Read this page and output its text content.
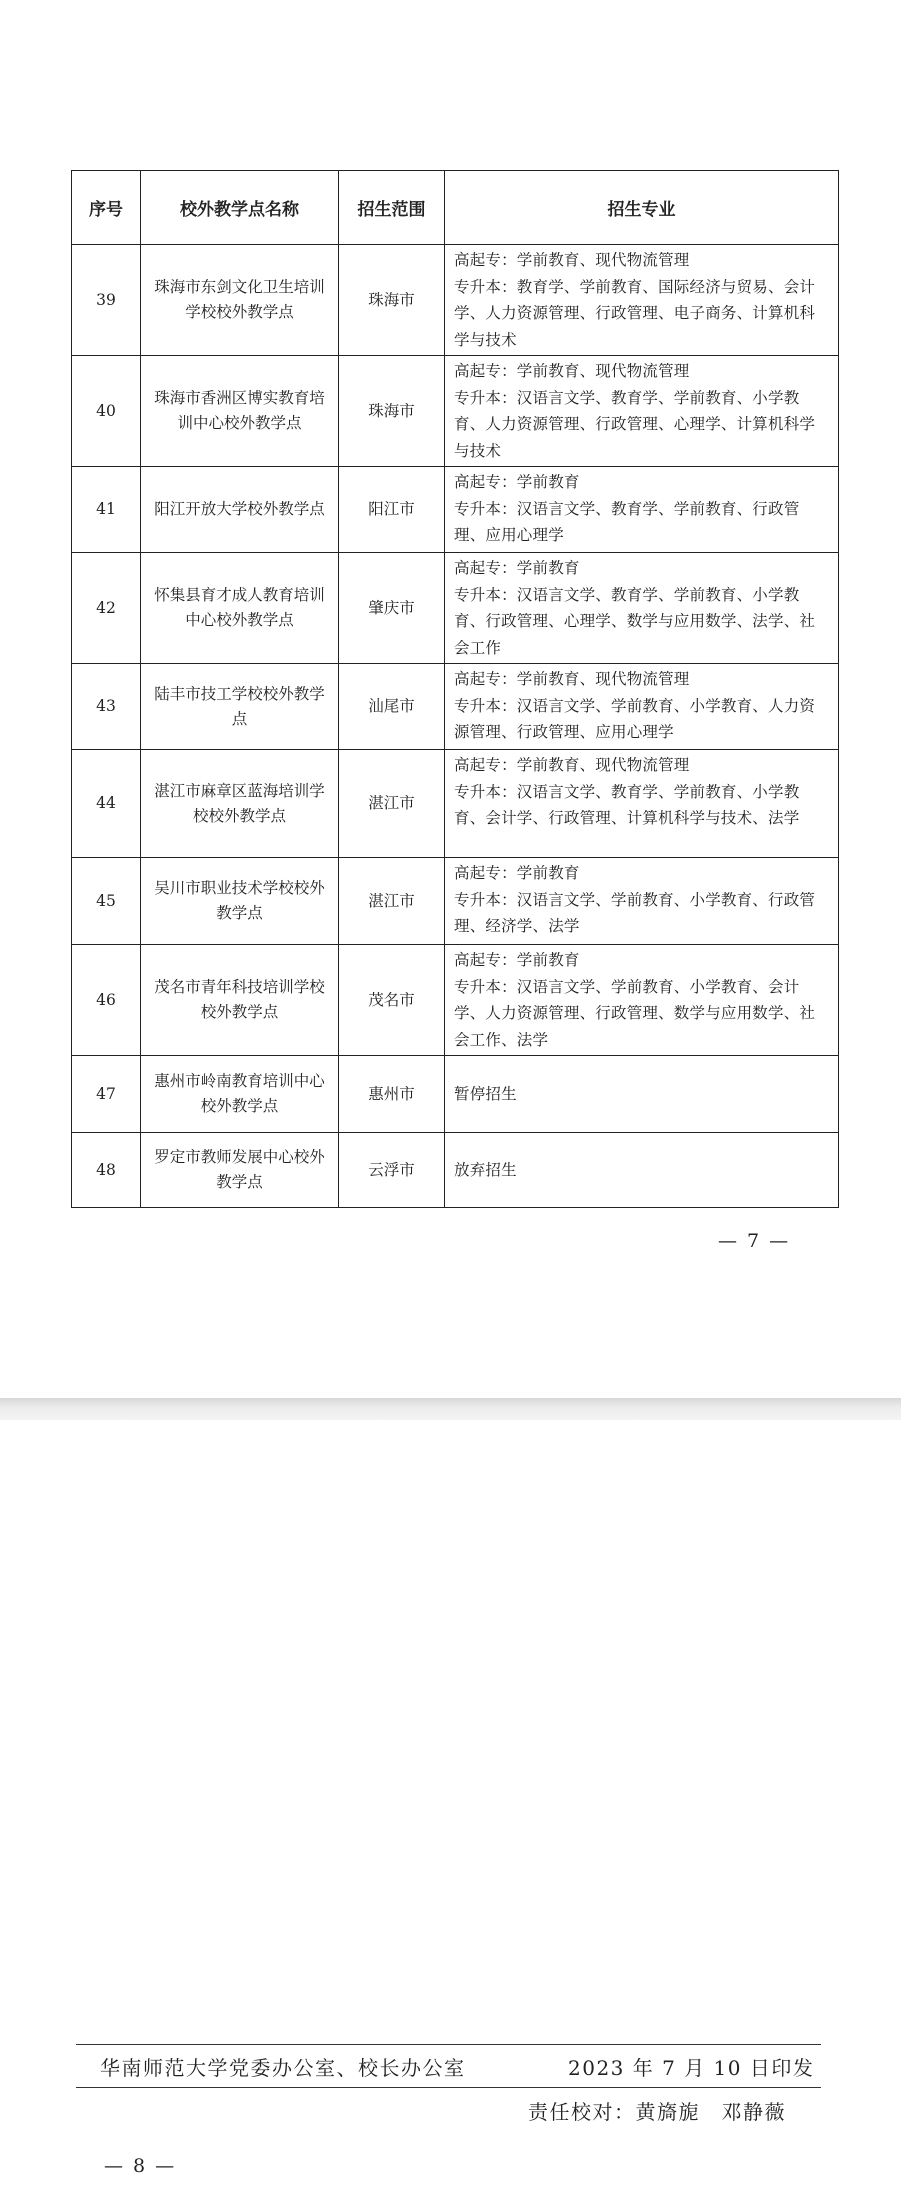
序号	校外教学点名称	招生范围	招生专业
39	珠海市东剑文化卫生培训学校校外教学点	珠海市	高起专：学前教育、现代物流管理
专升本：教育学、学前教育、国际经济与贸易、会计学、人力资源管理、行政管理、电子商务、计算机科学与技术

40	珠海市香洲区博实教育培训中心校外教学点	珠海市	高起专：学前教育、现代物流管理
专升本：汉语言文学、教育学、学前教育、小学教育、人力资源管理、行政管理、心理学、计算机科学与技术

41	阳江开放大学校外教学点	阳江市	高起专：学前教育
专升本：汉语言文学、教育学、学前教育、行政管理、应用心理学

42	怀集县育才成人教育培训中心校外教学点	肇庆市	高起专：学前教育
专升本：汉语言文学、教育学、学前教育、小学教育、行政管理、心理学、数学与应用数学、法学、社会工作

43	陆丰市技工学校校外教学点	汕尾市	高起专：学前教育、现代物流管理
专升本：汉语言文学、学前教育、小学教育、人力资源管理、行政管理、应用心理学

44	湛江市麻章区蓝海培训学校校外教学点	湛江市	高起专：学前教育、现代物流管理
专升本：汉语言文学、教育学、学前教育、小学教育、会计学、行政管理、计算机科学与技术、法学

45	吴川市职业技术学校校外教学点	湛江市	高起专：学前教育
专升本：汉语言文学、学前教育、小学教育、行政管理、经济学、法学

46	茂名市青年科技培训学校校外教学点	茂名市	高起专：学前教育
专升本：汉语言文学、学前教育、小学教育、会计学、人力资源管理、行政管理、数学与应用数学、社会工作、法学

47	惠州市岭南教育培训中心校外教学点	惠州市	暂停招生

48	罗定市教师发展中心校外教学点	云浮市	放弃招生
— 7 —
华南师范大学党委办公室、校长办公室	2023 年 7 月 10 日印发
责任校对：黄旖旎　邓静薇
— 8 —
